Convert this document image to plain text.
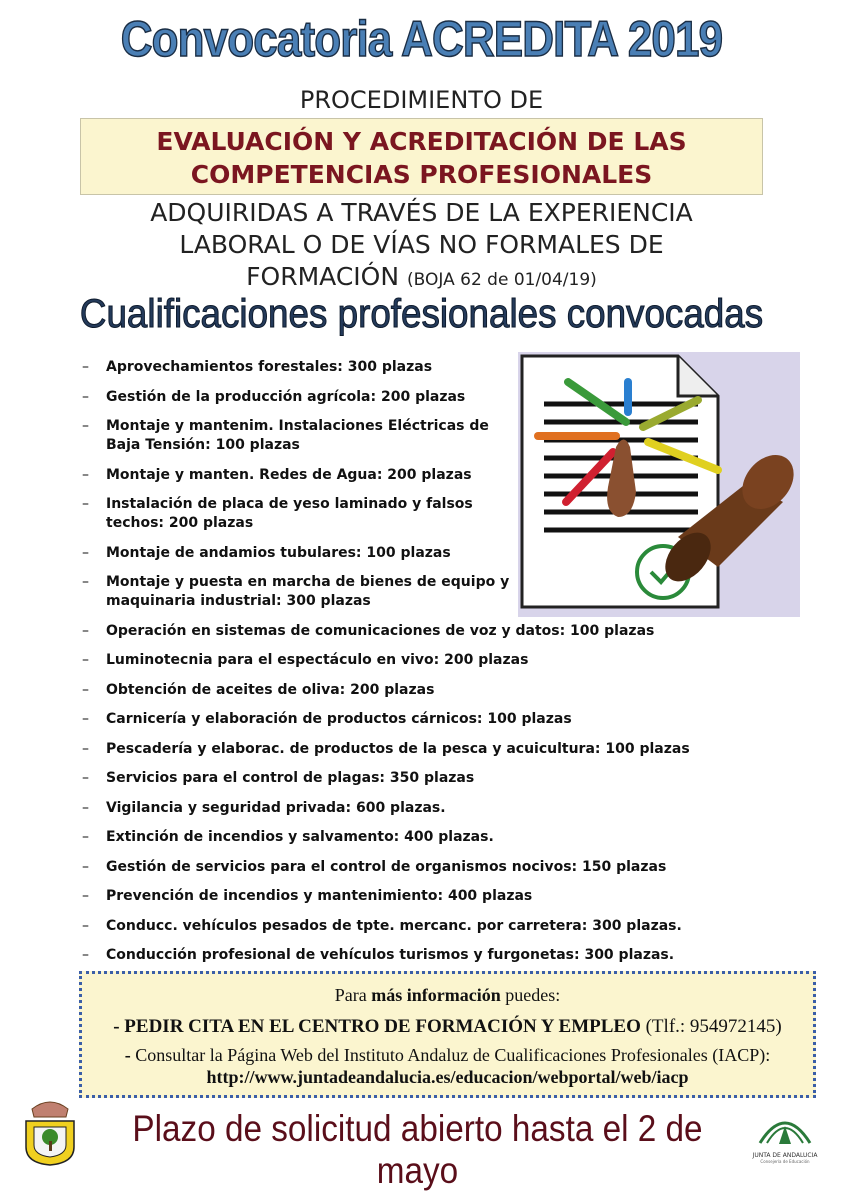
Convocatoria ACREDITA 2019
PROCEDIMIENTO DE
EVALUACIÓN Y ACREDITACIÓN DE LAS
COMPETENCIAS PROFESIONALES
ADQUIRIDAS A TRAVÉS DE LA EXPERIENCIA
LABORAL O DE VÍAS NO FORMALES DE
FORMACIÓN (BOJA 62 de 01/04/19)
Cualificaciones profesionales convocadas
–	Aprovechamientos forestales: 300 plazas
–	Gestión de la producción agrícola: 200 plazas
–	Montaje y mantenim. Instalaciones Eléctricas de Baja Tensión: 100 plazas
–	Montaje y manten. Redes de Agua: 200 plazas
–	Instalación de placa de yeso laminado y falsos techos: 200 plazas
–	Montaje de andamios tubulares: 100 plazas
–	Montaje y puesta en marcha de bienes de equipo y maquinaria industrial: 300 plazas
–	Operación en sistemas de comunicaciones de voz y datos: 100 plazas
–	Luminotecnia para el espectáculo en vivo: 200 plazas
–	Obtención de aceites de oliva: 200 plazas
–	Carnicería y elaboración de productos cárnicos: 100 plazas
–	Pescadería y elaborac. de productos de la pesca y acuicultura: 100 plazas
–	Servicios para el control de plagas: 350 plazas
–	Vigilancia y seguridad privada: 600 plazas.
–	Extinción de incendios y salvamento: 400 plazas.
–	Gestión de servicios para el control de organismos nocivos: 150 plazas
–	Prevención de incendios y mantenimiento: 400 plazas
–	Conducc. vehículos pesados de tpte. mercanc. por carretera: 300 plazas.
–	Conducción profesional de vehículos turismos y furgonetas: 300 plazas.

Para más información puedes:

- PEDIR CITA EN EL CENTRO DE FORMACIÓN Y EMPLEO (Tlf.: 954972145)

- Consultar la Página Web del Instituto Andaluz de Cualificaciones Profesionales (IACP):

http://www.juntadeandalucia.es/educacion/webportal/web/iacp

Plazo de solicitud abierto hasta el 2 de mayo	JUNTA DE ANDALUCIA
Consejería de Educación
